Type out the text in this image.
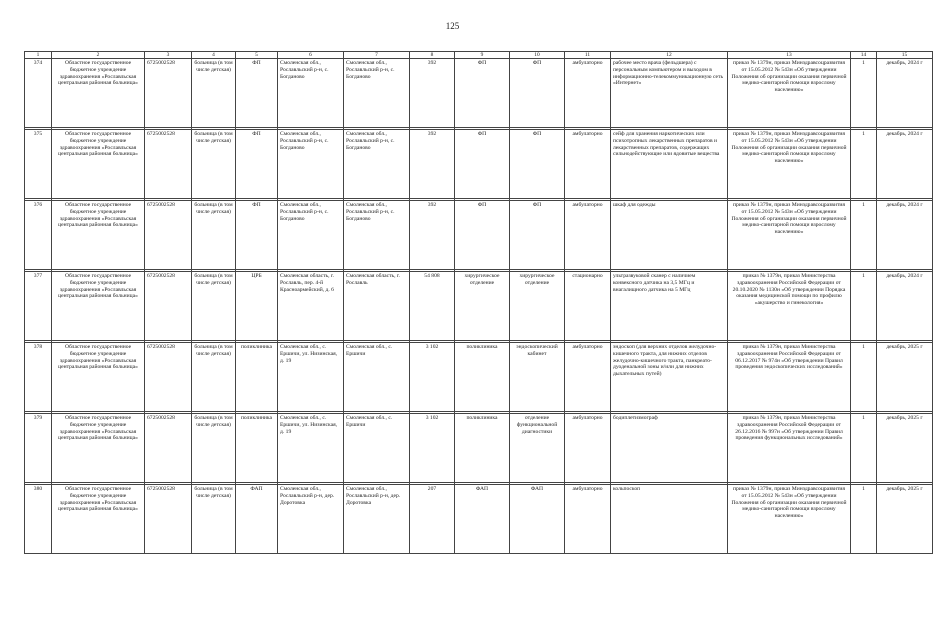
125
1	2	3	4	5	6	7	8	9	10	11	12	13	14	15
374	Областное государственное бюджетное учреждение здравоохранения «Рославльская центральная районная больница»	6725002528	больница (в том числе детская)	ФП	Смоленская обл., Рославльский р-н, с. Богданово	Смоленская обл., Рославльский р-н, с. Богданово	392	ФП	ФП	амбулаторно	рабочее место врача (фельдшера) с персональным компьютером и выходом в информационно-телекоммуникационную сеть «Интернет»	приказ № 1379н, приказ Минздравсоцразвития от 15.05.2012 № 543н «Об утверждении Положения об организации оказания первичной медико-санитарной помощи взрослому населению»	1	декабрь, 2024 г

375	Областное государственное бюджетное учреждение здравоохранения «Рославльская центральная районная больница»	6725002528	больница (в том числе детская)	ФП	Смоленская обл., Рославльский р-н, с. Богданово	Смоленская обл., Рославльский р-н, с. Богданово	392	ФП	ФП	амбулаторно	сейф для хранения наркотических или психотропных лекарственных препаратов и лекарственных препаратов, содержащих сильнодействующие или ядовитые вещества	приказ № 1379н, приказ Минздравсоцразвития от 15.05.2012 № 543н «Об утверждении Положения об организации оказания первичной медико-санитарной помощи взрослому населению»	1	декабрь, 2024 г

376	Областное государственное бюджетное учреждение здравоохранения «Рославльская центральная районная больница»	6725002528	больница (в том числе детская)	ФП	Смоленская обл., Рославльский р-н, с. Богданово	Смоленская обл., Рославльский р-н, с. Богданово	392	ФП	ФП	амбулаторно	шкаф для одежды	приказ № 1379н, приказ Минздравсоцразвития от 15.05.2012 № 543н «Об утверждении Положения об организации оказания первичной медико-санитарной помощи взрослому населению»	1	декабрь, 2024 г

377	Областное государственное бюджетное учреждение здравоохранения «Рославльская центральная районная больница»	6725002528	больница (в том числе детская)	ЦРБ	Смоленская область, г. Рославль, пер. 4-й Красноармейский, д. 6	Смоленская область, г. Рославль	54 808	хирургическое отделение	хирургическое отделение	стационарно	ультразвуковой сканер с наличием конвексного датчика на 3,5 МГц и внагалищного датчика на 5 МГц	приказ № 1379н, приказ Министерства здравоохранения Российской Федерации от 20.10.2020 № 1130н «Об утверждении Порядка оказания медицинской помощи по профилю «акушерство и гинекология»	1	декабрь, 2024 г

378	Областное государственное бюджетное учреждение здравоохранения «Рославльская центральная районная больница»	6725002528	больница (в том числе детская)	поликлиника	Смоленская обл., с. Ершичи, ул. Низинская, д. 19	Смоленская обл., с. Ершичи	3 102	поликлиника	эндоскопический кабинет	амбулаторно	эндоскоп (для верхних отделов желудочно-кишечного тракта, для нижних отделов желудочно-кишечного тракта, панкреато-дуоденальной зоны и/или для нижних дыхательных путей)	приказ № 1379н, приказ Министерства здравоохранения Российской Федерации от 06.12.2017 № 974н «Об утверждении Правил проведения эндоскопических исследований»	1	декабрь, 2025 г

379	Областное государственное бюджетное учреждение здравоохранения «Рославльская центральная районная больница»	6725002528	больница (в том числе детская)	поликлиника	Смоленская обл., с. Ершичи, ул. Низинская, д. 19	Смоленская обл., с. Ершичи	3 102	поликлиника	отделение функциональной диагностики	амбулаторно	бодиплетизмограф	приказ № 1379н, приказ Министерства здравоохранения Российской Федерации от 26.12.2016 № 997н «Об утверждении Правил проведения функциональных исследований»	1	декабрь, 2025 г

380	Областное государственное бюджетное учреждение здравоохранения «Рославльская центральная районная больница»	6725002528	больница (в том числе детская)	ФАП	Смоленская обл., Рославльский р-н, дер. Доротовка	Смоленская обл., Рославльский р-н, дер. Доротовка	207	ФАП	ФАП	амбулаторно	кольпоскоп	приказ № 1379н, приказ Минздравсоцразвития от 15.05.2012 № 543н «Об утверждении Положения об организации оказания первичной медико-санитарной помощи взрослому населению»	1	декабрь, 2025 г
